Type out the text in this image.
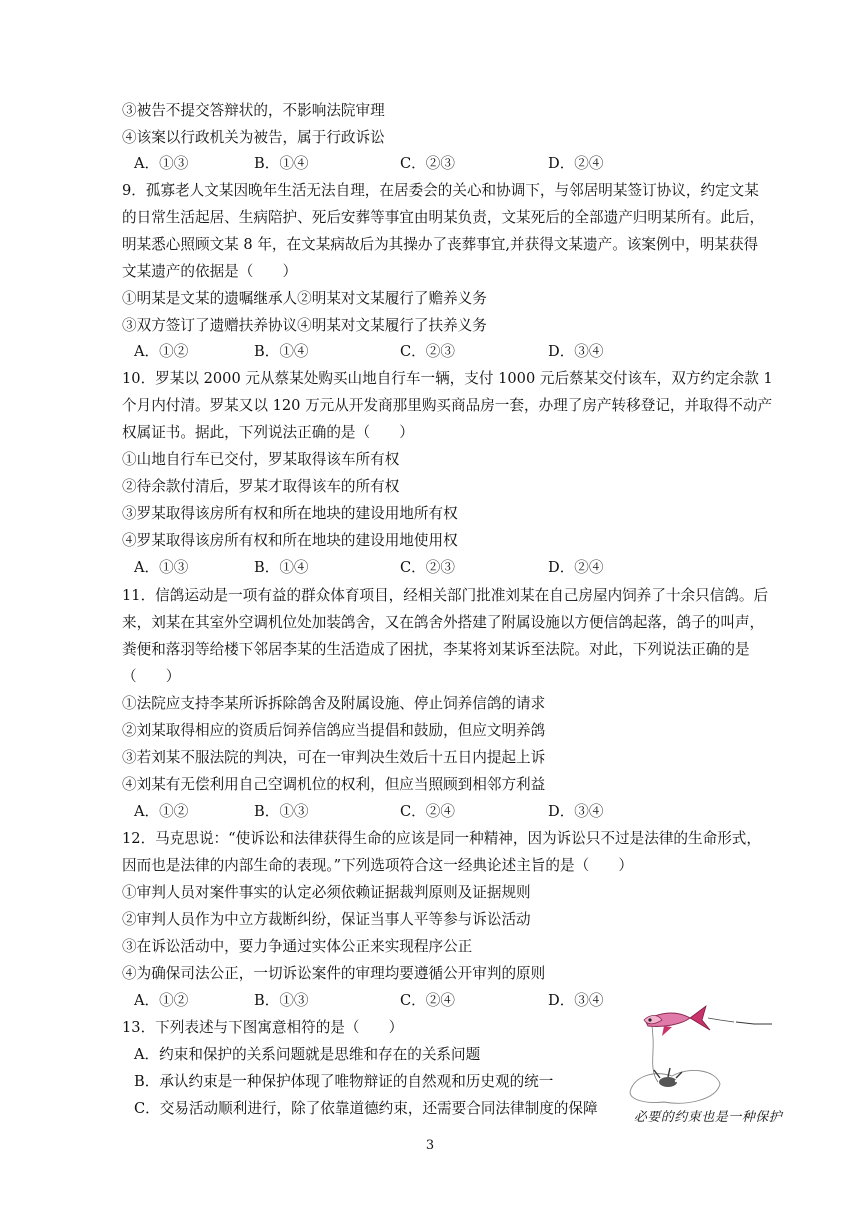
③被告不提交答辩状的，不影响法院审理
④该案以行政机关为被告，属于行政诉讼
A．①③	B．①④	C．②③	D．②④
9．孤寡老人文某因晚年生活无法自理，在居委会的关心和协调下，与邻居明某签订协议，约定文某
的日常生活起居、生病陪护、死后安葬等事宜由明某负责，文某死后的全部遗产归明某所有。此后，
明某悉心照顾文某 8 年，在文某病故后为其操办了丧葬事宜,并获得文某遗产。该案例中，明某获得
文某遗产的依据是（　　）
①明某是文某的遗嘱继承人②明某对文某履行了赡养义务
③双方签订了遗赠扶养协议④明某对文某履行了扶养义务
A．①②	B．①④	C．②③	D．③④
10．罗某以 2000 元从蔡某处购买山地自行车一辆，支付 1000 元后蔡某交付该车，双方约定余款 1
个月内付清。罗某又以 120 万元从开发商那里购买商品房一套，办理了房产转移登记，并取得不动产
权属证书。据此，下列说法正确的是（　　）
①山地自行车已交付，罗某取得该车所有权
②待余款付清后，罗某才取得该车的所有权
③罗某取得该房所有权和所在地块的建设用地所有权
④罗某取得该房所有权和所在地块的建设用地使用权
A．①③	B．①④	C．②③	D．②④
11．信鸽运动是一项有益的群众体育项目，经相关部门批准刘某在自己房屋内饲养了十余只信鸽。后
来，刘某在其室外空调机位处加装鸽舍，又在鸽舍外搭建了附属设施以方便信鸽起落，鸽子的叫声，
粪便和落羽等给楼下邻居李某的生活造成了困扰，李某将刘某诉至法院。对此，下列说法正确的是
（　　）
①法院应支持李某所诉拆除鸽舍及附属设施、停止饲养信鸽的请求
②刘某取得相应的资质后饲养信鸽应当提倡和鼓励，但应文明养鸽
③若刘某不服法院的判决，可在一审判决生效后十五日内提起上诉
④刘某有无偿利用自己空调机位的权利，但应当照顾到相邻方利益
A．①②	B．①③	C．②④	D．③④
12．马克思说：“使诉讼和法律获得生命的应该是同一种精神，因为诉讼只不过是法律的生命形式，
因而也是法律的内部生命的表现。”下列选项符合这一经典论述主旨的是（　　）
①审判人员对案件事实的认定必须依赖证据裁判原则及证据规则
②审判人员作为中立方裁断纠纷，保证当事人平等参与诉讼活动
③在诉讼活动中，要力争通过实体公正来实现程序公正
④为确保司法公正，一切诉讼案件的审理均要遵循公开审判的原则
A．①②	B．①③	C．②④	D．③④
13．下列表述与下图寓意相符的是（　　）
A．约束和保护的关系问题就是思维和存在的关系问题
B．承认约束是一种保护体现了唯物辩证的自然观和历史观的统一
C．交易活动顺利进行，除了依靠道德约束，还需要合同法律制度的保障
必要的约束也是一种保护
3
